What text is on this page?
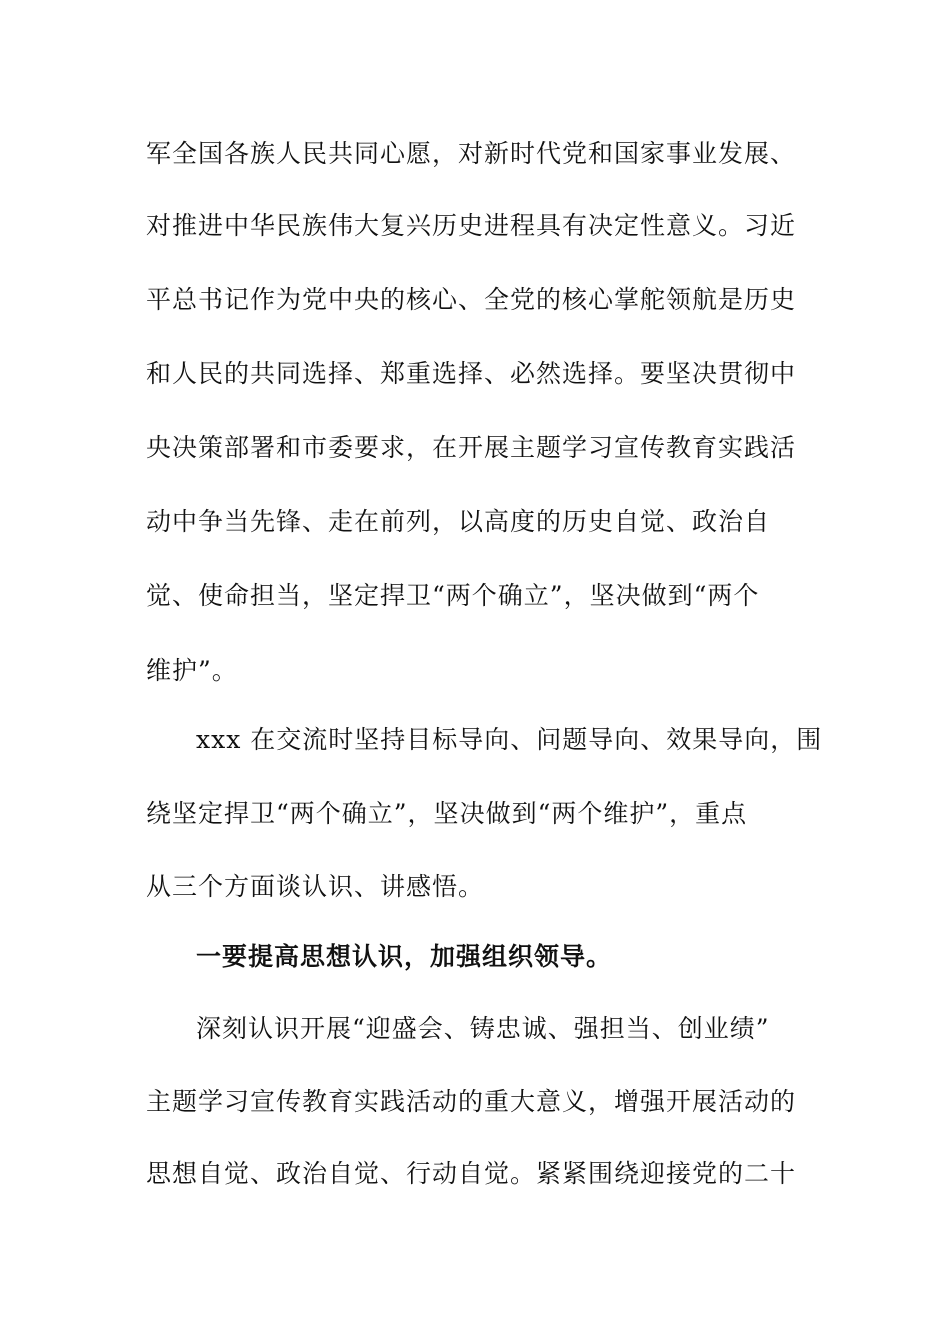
军全国各族人民共同心愿，对新时代党和国家事业发展、
对推进中华民族伟大复兴历史进程具有决定性意义。习近
平总书记作为党中央的核心、全党的核心掌舵领航是历史
和人民的共同选择、郑重选择、必然选择。要坚决贯彻中
央决策部署和市委要求，在开展主题学习宣传教育实践活
动中争当先锋、走在前列，以高度的历史自觉、政治自
觉、使命担当，坚定捍卫“两个确立”，坚决做到“两个
维护”。
xxx 在交流时坚持目标导向、问题导向、效果导向，围
绕坚定捍卫“两个确立”，坚决做到“两个维护”，重点
从三个方面谈认识、讲感悟。
一要提高思想认识，加强组织领导。
深刻认识开展“迎盛会、铸忠诚、强担当、创业绩”
主题学习宣传教育实践活动的重大意义，增强开展活动的
思想自觉、政治自觉、行动自觉。紧紧围绕迎接党的二十
